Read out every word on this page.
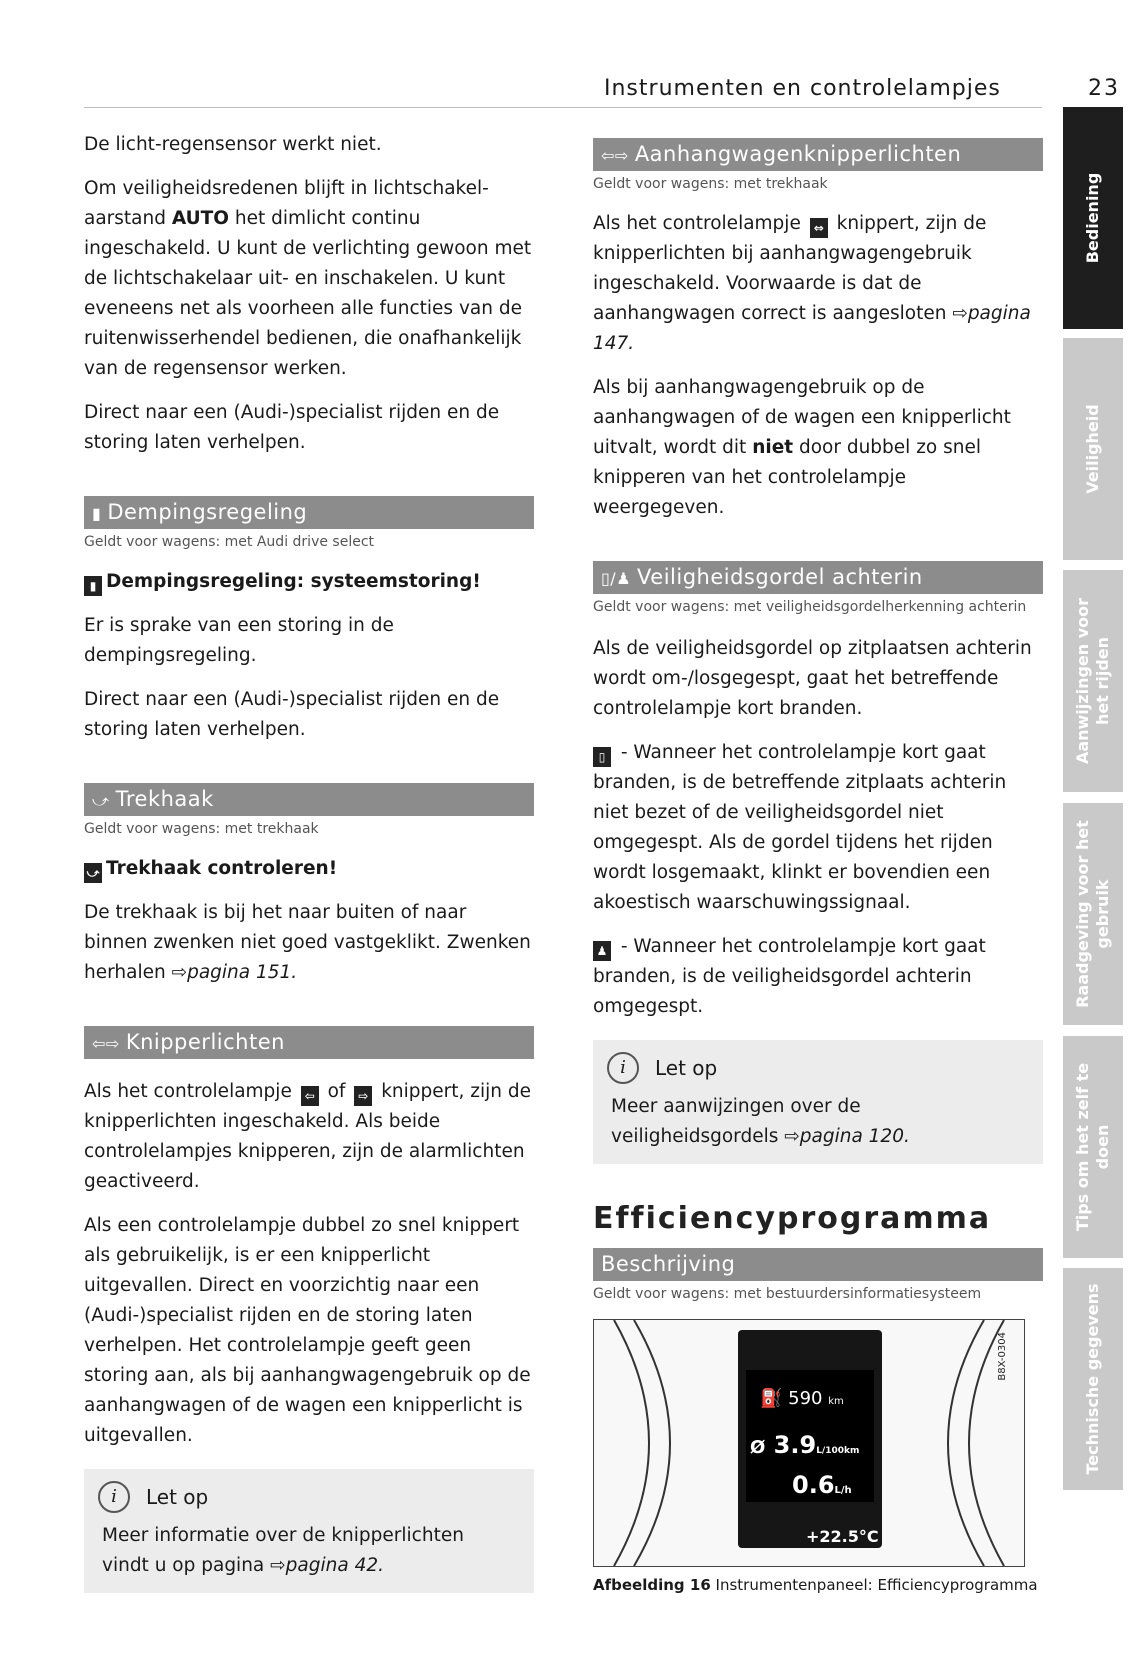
Instrumenten en controlelampjes	23

De licht-regensensor werkt niet.

Om veiligheidsredenen blijft in lichtschakelaarstand AUTO het dimlicht continu ingeschakeld. U kunt de verlichting gewoon met de lichtschakelaar uit- en inschakelen. U kunt eveneens net als voorheen alle functies van de ruitenwisserhendel bedienen, die onafhankelijk van de regensensor werken.

Direct naar een (Audi-)specialist rijden en de storing laten verhelpen.

▮ Dempingsregeling
Geldt voor wagens: met Audi drive select
▮ Dempingsregeling: systeemstoring!

Er is sprake van een storing in de dempingsregeling.

Direct naar een (Audi-)specialist rijden en de storing laten verhelpen.

⤻ Trekhaak
Geldt voor wagens: met trekhaak
⤻ Trekhaak controleren!

De trekhaak is bij het naar buiten of naar binnen zwenken niet goed vastgeklikt. Zwenken herhalen ⇨pagina 151.

⇦⇨ Knipperlichten

Als het controlelampje ⇦ of ⇨ knippert, zijn de knipperlichten ingeschakeld. Als beide controlelampjes knipperen, zijn de alarmlichten geactiveerd.

Als een controlelampje dubbel zo snel knippert als gebruikelijk, is er een knipperlicht uitgevallen. Direct en voorzichtig naar een (Audi-)specialist rijden en de storing laten verhelpen. Het controlelampje geeft geen storing aan, als bij aanhangwagengebruik op de aanhangwagen of de wagen een knipperlicht is uitgevallen.

i	Let op
Meer informatie over de knipperlichten vindt u op pagina ⇨pagina 42.
⇦⇨ Aanhangwagenknipperlichten
Geldt voor wagens: met trekhaak

Als het controlelampje ⇔ knippert, zijn de knipperlichten bij aanhangwagengebruik ingeschakeld. Voorwaarde is dat de aanhangwagen correct is aangesloten ⇨pagina 147.

Als bij aanhangwagengebruik op de aanhangwagen of de wagen een knipperlicht uitvalt, wordt dit niet door dubbel zo snel knipperen van het controlelampje weergegeven.

▯/♟ Veiligheidsgordel achterin
Geldt voor wagens: met veiligheidsgordelherkenning achterin

Als de veiligheidsgordel op zitplaatsen achterin wordt om-/losgegespt, gaat het betreffende controlelampje kort branden.

▯ - Wanneer het controlelampje kort gaat branden, is de betreffende zitplaats achterin niet bezet of de veiligheidsgordel niet omgegespt. Als de gordel tijdens het rijden wordt losgemaakt, klinkt er bovendien een akoestisch waarschuwingssignaal.

♟ - Wanneer het controlelampje kort gaat branden, is de veiligheidsgordel achterin omgegespt.

i	Let op
Meer aanwijzingen over de veiligheidsgordels ⇨pagina 120.
Efficiencyprogramma
Beschrijving
Geldt voor wagens: met bestuurdersinformatiesysteem
B8X-0304
⛽ 590 km
Ø 3.9L/100km
0.6L/h
+22.5°C
Afbeelding 16 Instrumentenpaneel: Efficiencyprogramma
Bediening
Veiligheid
Aanwijzingen voor het rijden
Raadgeving voor het gebruik
Tips om het zelf te doen
Technische gegevens
